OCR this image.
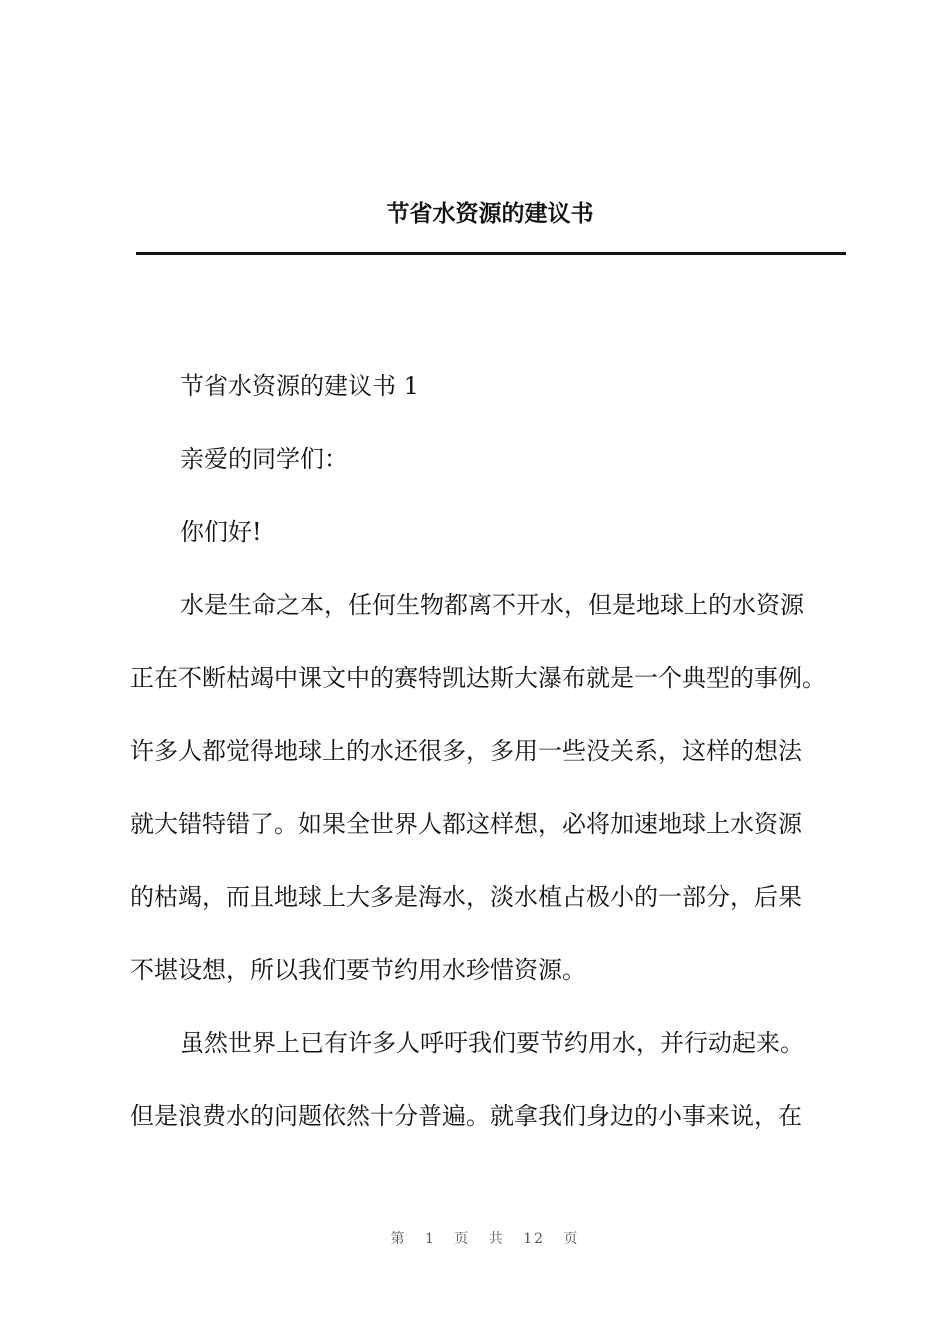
节省水资源的建议书
节省水资源的建议书 1
亲爱的同学们：
你们好!
水是生命之本，任何生物都离不开水，但是地球上的水资源
正在不断枯竭中课文中的赛特凯达斯大瀑布就是一个典型的事例。
许多人都觉得地球上的水还很多，多用一些没关系，这样的想法
就大错特错了。如果全世界人都这样想，必将加速地球上水资源
的枯竭，而且地球上大多是海水，淡水植占极小的一部分，后果
不堪设想，所以我们要节约用水珍惜资源。
虽然世界上已有许多人呼吁我们要节约用水，并行动起来。
但是浪费水的问题依然十分普遍。就拿我们身边的小事来说，在
第 1 页 共 12 页
